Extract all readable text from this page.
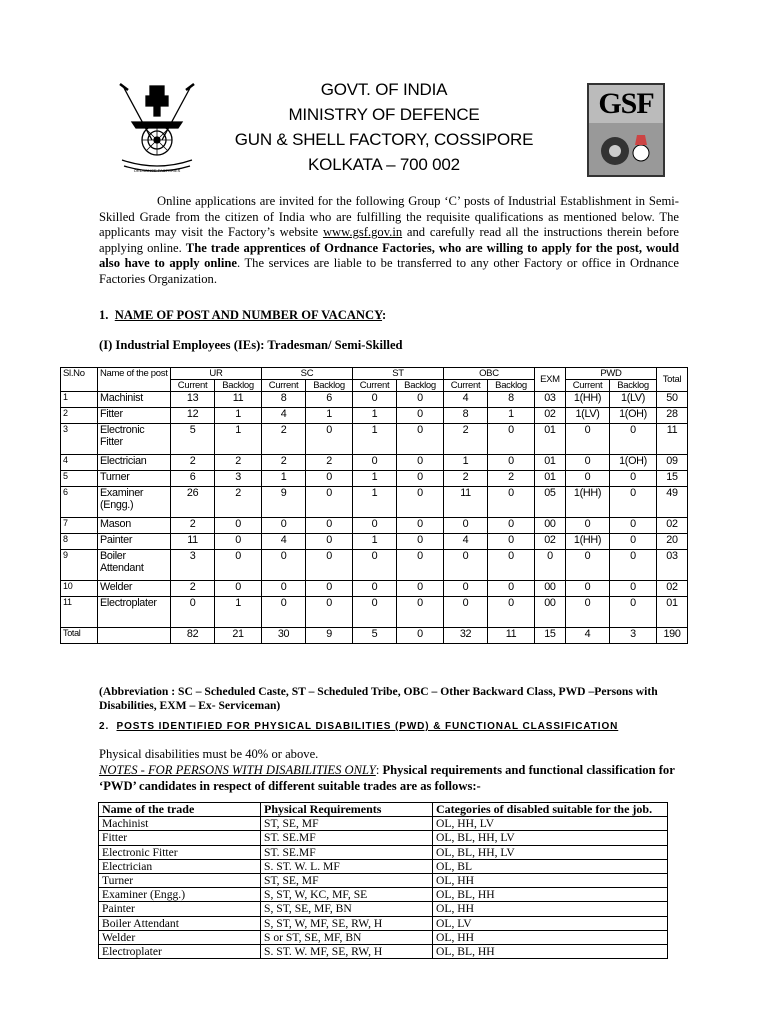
ORDNANCE FACTORIES
GOVT. OF INDIA
MINISTRY OF DEFENCE
GUN & SHELL FACTORY, COSSIPORE
KOLKATA – 700 002
GSF
Online applications are invited for the following Group ‘C’ posts of Industrial Establishment in Semi-Skilled Grade from the citizen of India who are fulfilling the requisite qualifications as mentioned below. The applicants may visit the Factory’s website www.gsf.gov.in and carefully read all the instructions therein before applying online. The trade apprentices of Ordnance Factories, who are willing to apply for the post, would also have to apply online. The services are liable to be transferred to any other Factory or office in Ordnance Factories Organization.
1. NAME OF POST AND NUMBER OF VACANCY:
(I) Industrial Employees (IEs): Tradesman/ Semi-Skilled
Sl.No	Name of the post	UR		SC		ST		OBC		EXM	PWD		Total
		Current	Backlog	Current	Backlog	Current	Backlog	Current	Backlog		Current	Backlog	
1	Machinist	13	11	8	6	0	0	4	8	03	1(HH)	1(LV)	50
2	Fitter	12	1	4	1	1	0	8	1	02	1(LV)	1(OH)	28
3	Electronic Fitter	5	1	2	0	1	0	2	0	01	0	0	11
4	Electrician	2	2	2	2	0	0	1	0	01	0	1(OH)	09
5	Turner	6	3	1	0	1	0	2	2	01	0	0	15
6	Examiner (Engg.)	26	2	9	0	1	0	11	0	05	1(HH)	0	49
7	Mason	2	0	0	0	0	0	0	0	00	0	0	02
8	Painter	11	0	4	0	1	0	4	0	02	1(HH)	0	20
9	Boiler Attendant	3	0	0	0	0	0	0	0	0	0	0	03
10	Welder	2	0	0	0	0	0	0	0	00	0	0	02
11	Electroplater	0	1	0	0	0	0	0	0	00	0	0	01
Total		82	21	30	9	5	0	32	11	15	4	3	190
(Abbreviation : SC – Scheduled Caste, ST – Scheduled Tribe, OBC – Other Backward Class, PWD –Persons with Disabilities, EXM – Ex- Serviceman)
2. POSTS IDENTIFIED FOR PHYSICAL DISABILITIES (PWD) & FUNCTIONAL CLASSIFICATION
Physical disabilities must be 40% or above.
NOTES - FOR PERSONS WITH DISABILITIES ONLY: Physical requirements and functional classification for ‘PWD’ candidates in respect of different suitable trades are as follows:-
Name of the trade	Physical Requirements	Categories of disabled suitable for the job.
Machinist	ST, SE, MF	OL, HH, LV
Fitter	ST. SE.MF	OL, BL, HH, LV
Electronic Fitter	ST. SE.MF	OL, BL, HH, LV
Electrician	S. ST. W. L. MF	OL, BL
Turner	ST, SE, MF	OL, HH
Examiner (Engg.)	S, ST, W, KC, MF, SE	OL, BL, HH
Painter	S, ST, SE, MF, BN	OL, HH
Boiler Attendant	S, ST, W, MF, SE, RW, H	OL, LV
Welder	S or ST, SE, MF, BN	OL, HH
Electroplater	S. ST. W. MF, SE, RW, H	OL, BL, HH
